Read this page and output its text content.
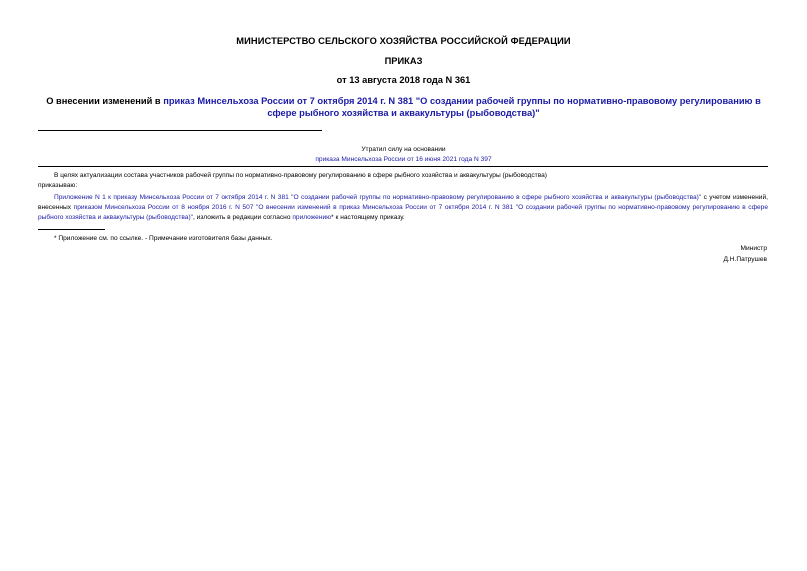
МИНИСТЕРСТВО СЕЛЬСКОГО ХОЗЯЙСТВА РОССИЙСКОЙ ФЕДЕРАЦИИ
ПРИКАЗ
от 13 августа 2018 года N 361
О внесении изменений в приказ Минсельхоза России от 7 октября 2014 г. N 381 "О создании рабочей группы по нормативно-правовому регулированию в сфере рыбного хозяйства и аквакультуры (рыбоводства)"
Утратил силу на основании
приказа Минсельхоза России от 16 июня 2021 года N 397
В целях актуализации состава участников рабочей группы по нормативно-правовому регулированию в сфере рыбного хозяйства и аквакультуры (рыбоводства)
приказываю:
Приложение N 1 к приказу Минсельхоза России от 7 октября 2014 г. N 381 "О создании рабочей группы по нормативно-правовому регулированию в сфере рыбного хозяйства и аквакультуры (рыбоводства)" с учетом изменений, внесенных приказом Минсельхоза России от 8 ноября 2016 г. N 507 "О внесении изменений в приказ Минсельхоза России от 7 октября 2014 г. N 381 "О создании рабочей группы по нормативно-правовому регулированию в сфере рыбного хозяйства и аквакультуры (рыбоводства)", изложить в редакции согласно приложению* к настоящему приказу.
* Приложение см. по ссылке. - Примечание изготовителя базы данных.
Министр
Д.Н.Патрушев
